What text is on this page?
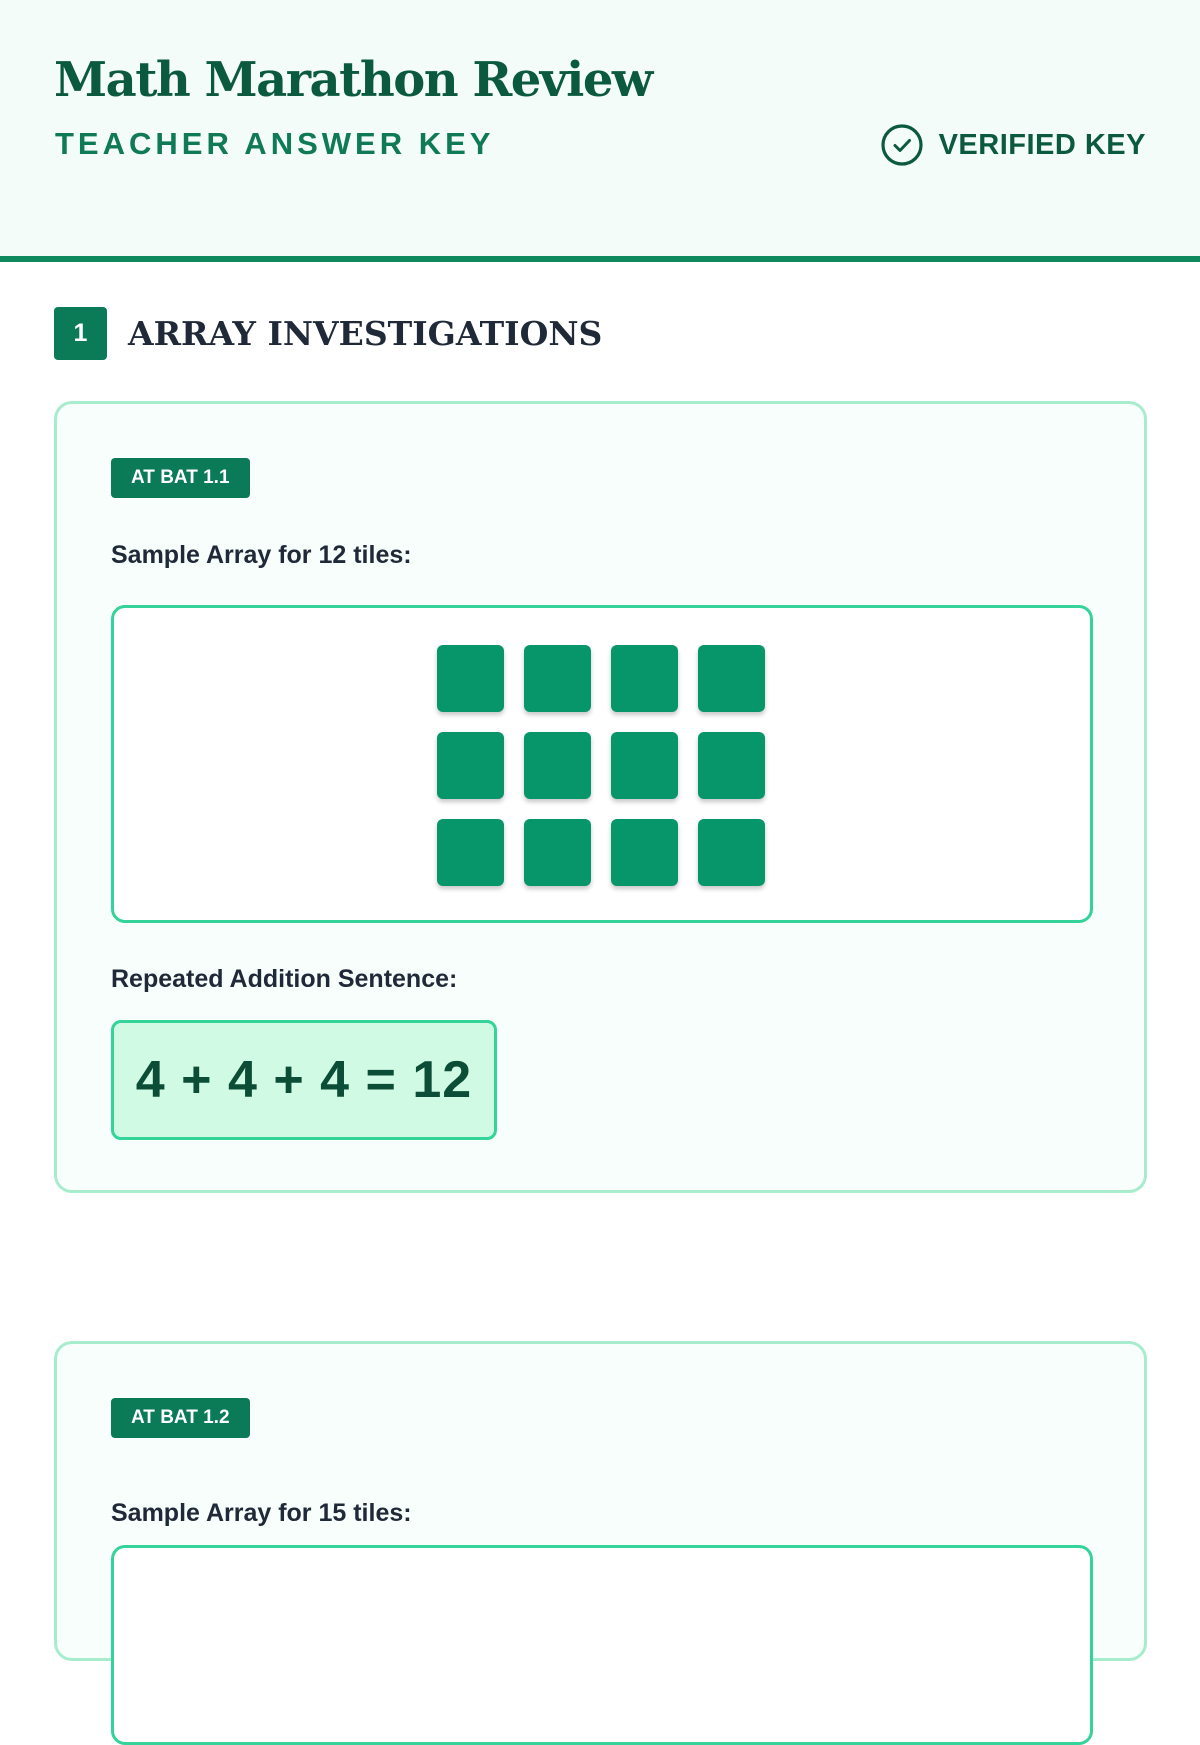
Math Marathon Review
TEACHER ANSWER KEY	VERIFIED KEY
1	ARRAY INVESTIGATIONS
AT BAT 1.1
Sample Array for 12 tiles:
Repeated Addition Sentence:
4 + 4 + 4 = 12
AT BAT 1.2
Sample Array for 15 tiles:
